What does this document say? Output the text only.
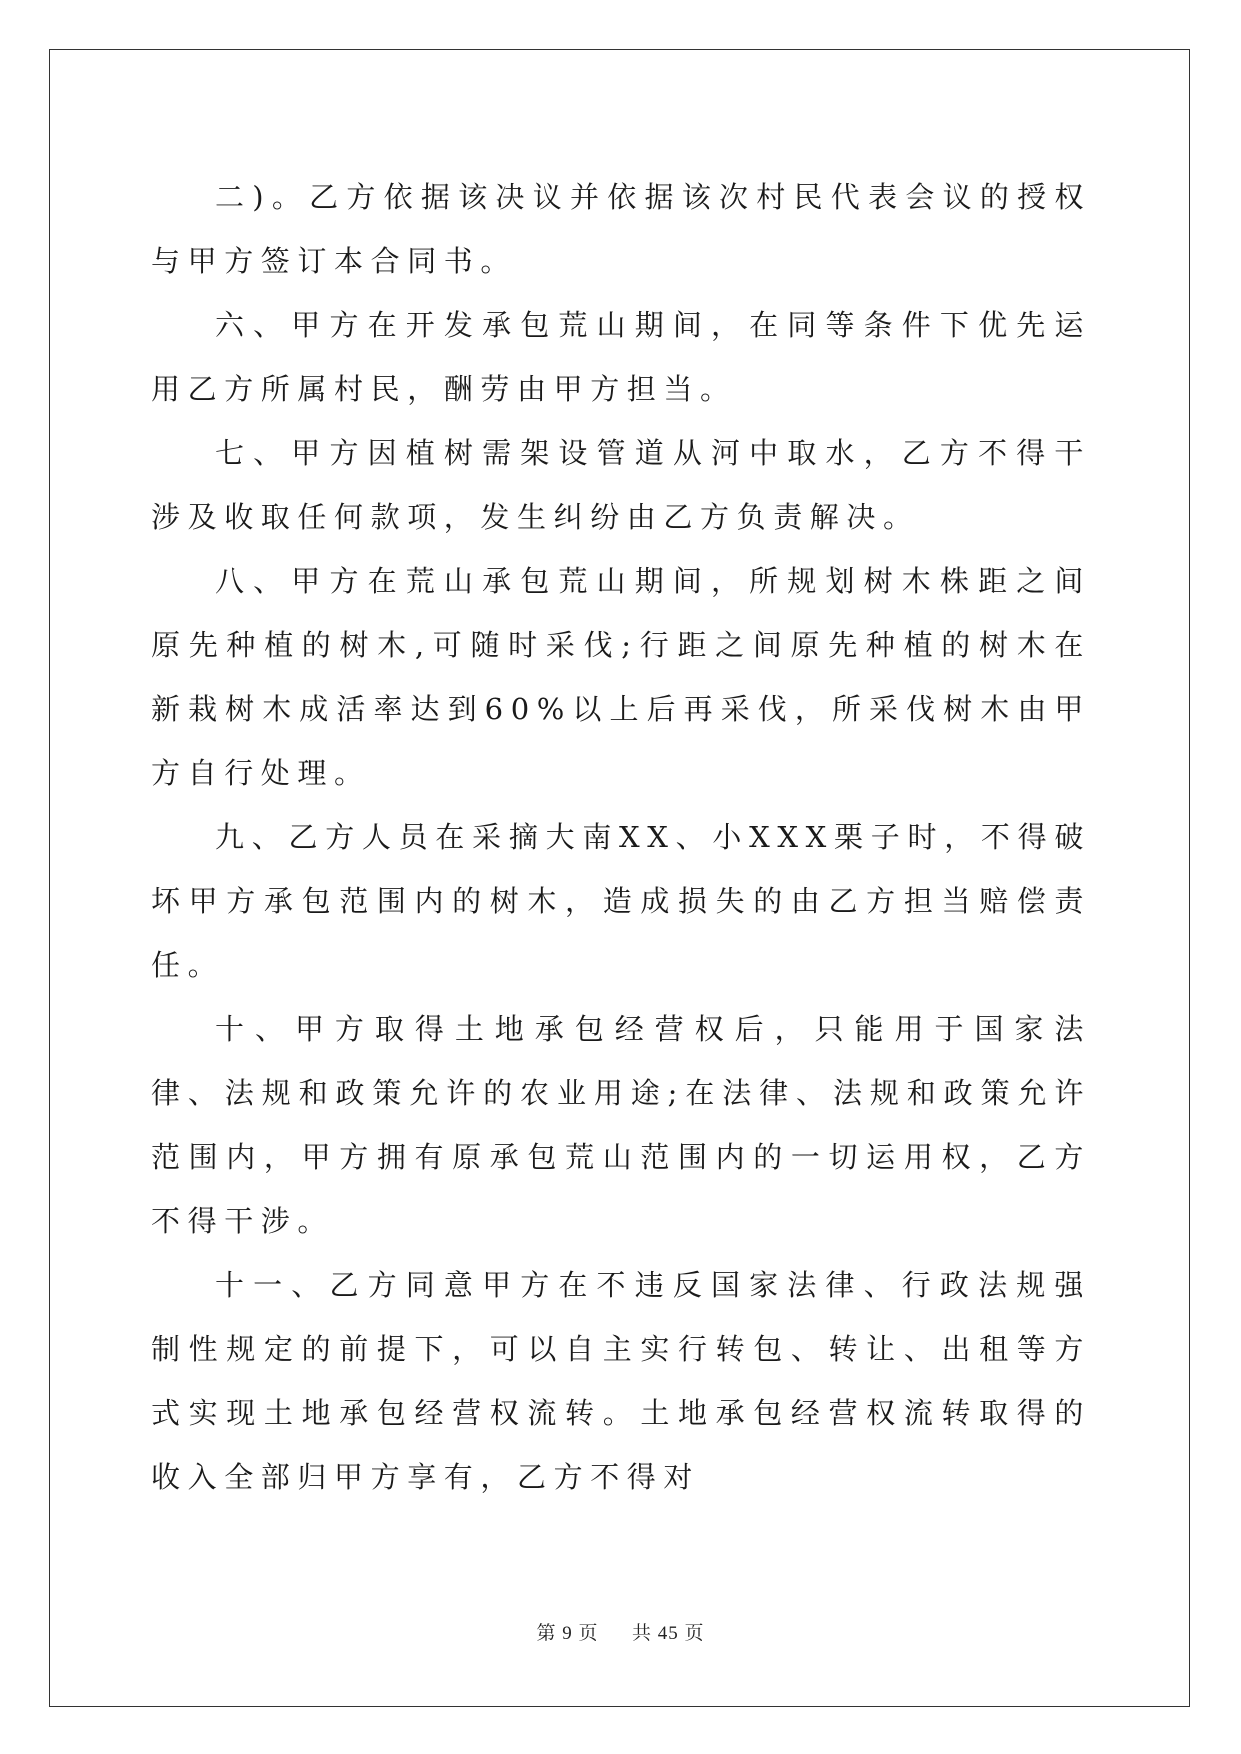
二)。乙方依据该决议并依据该次村民代表会议的授权与甲方签订本合同书。

六、甲方在开发承包荒山期间，在同等条件下优先运用乙方所属村民，酬劳由甲方担当。

七、甲方因植树需架设管道从河中取水，乙方不得干涉及收取任何款项，发生纠纷由乙方负责解决。

八、甲方在荒山承包荒山期间，所规划树木株距之间原先种植的树木,可随时采伐;行距之间原先种植的树木在新栽树木成活率达到60%以上后再采伐，所采伐树木由甲方自行处理。

九、乙方人员在采摘大南XX、小XXX栗子时，不得破坏甲方承包范围内的树木，造成损失的由乙方担当赔偿责任。

十、甲方取得土地承包经营权后，只能用于国家法律、法规和政策允许的农业用途;在法律、法规和政策允许范围内，甲方拥有原承包荒山范围内的一切运用权，乙方不得干涉。

十一、乙方同意甲方在不违反国家法律、行政法规强制性规定的前提下，可以自主实行转包、转让、出租等方式实现土地承包经营权流转。土地承包经营权流转取得的收入全部归甲方享有，乙方不得对

第 9 页 共 45 页
